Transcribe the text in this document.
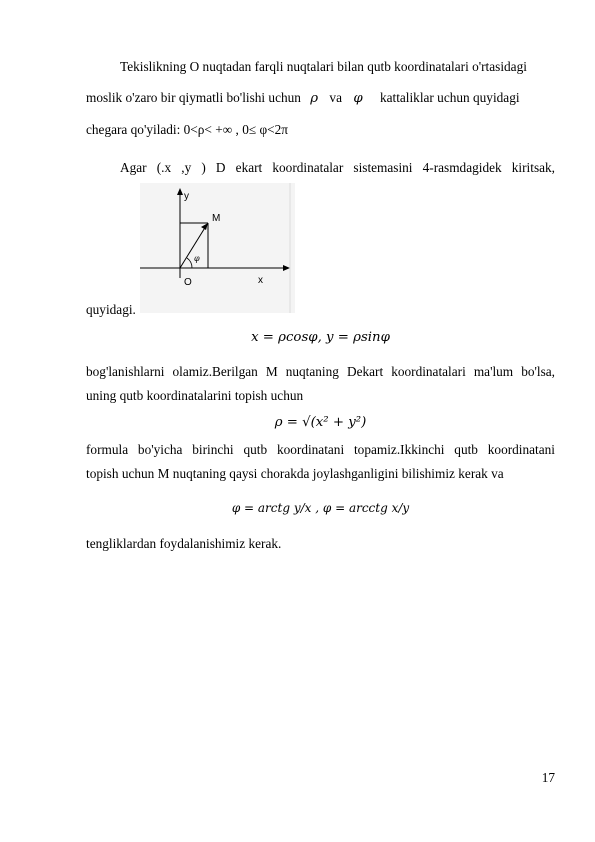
Tekislikning O nuqtadan farqli nuqtalari bilan qutb koordinatalari o'rtasidagi
moslik o'zaro bir qiymatli bo'lishi uchun ρ va φ kattaliklar uchun quyidagi
chegara qo'yiladi: 0<ρ< +∞ , 0≤ φ<2π
Agar (.x ,y ) D ekart koordinatalar sistemasini 4-rasmdagidek kiritsak,
y
x
O
M
φ
quyidagi.
x = ρcosφ, y = ρsinφ
bog'lanishlarni olamiz.Berilgan M nuqtaning Dekart koordinatalari ma'lum bo'lsa,
uning qutb koordinatalarini topish uchun
ρ = √(x² + y²)
formula bo'yicha birinchi qutb koordinatani topamiz.Ikkinchi qutb koordinatani
topish uchun M nuqtaning qaysi chorakda joylashganligini bilishimiz kerak va
φ = arctg y/x , φ = arcctg x/y
tengliklardan foydalanishimiz kerak.
17
